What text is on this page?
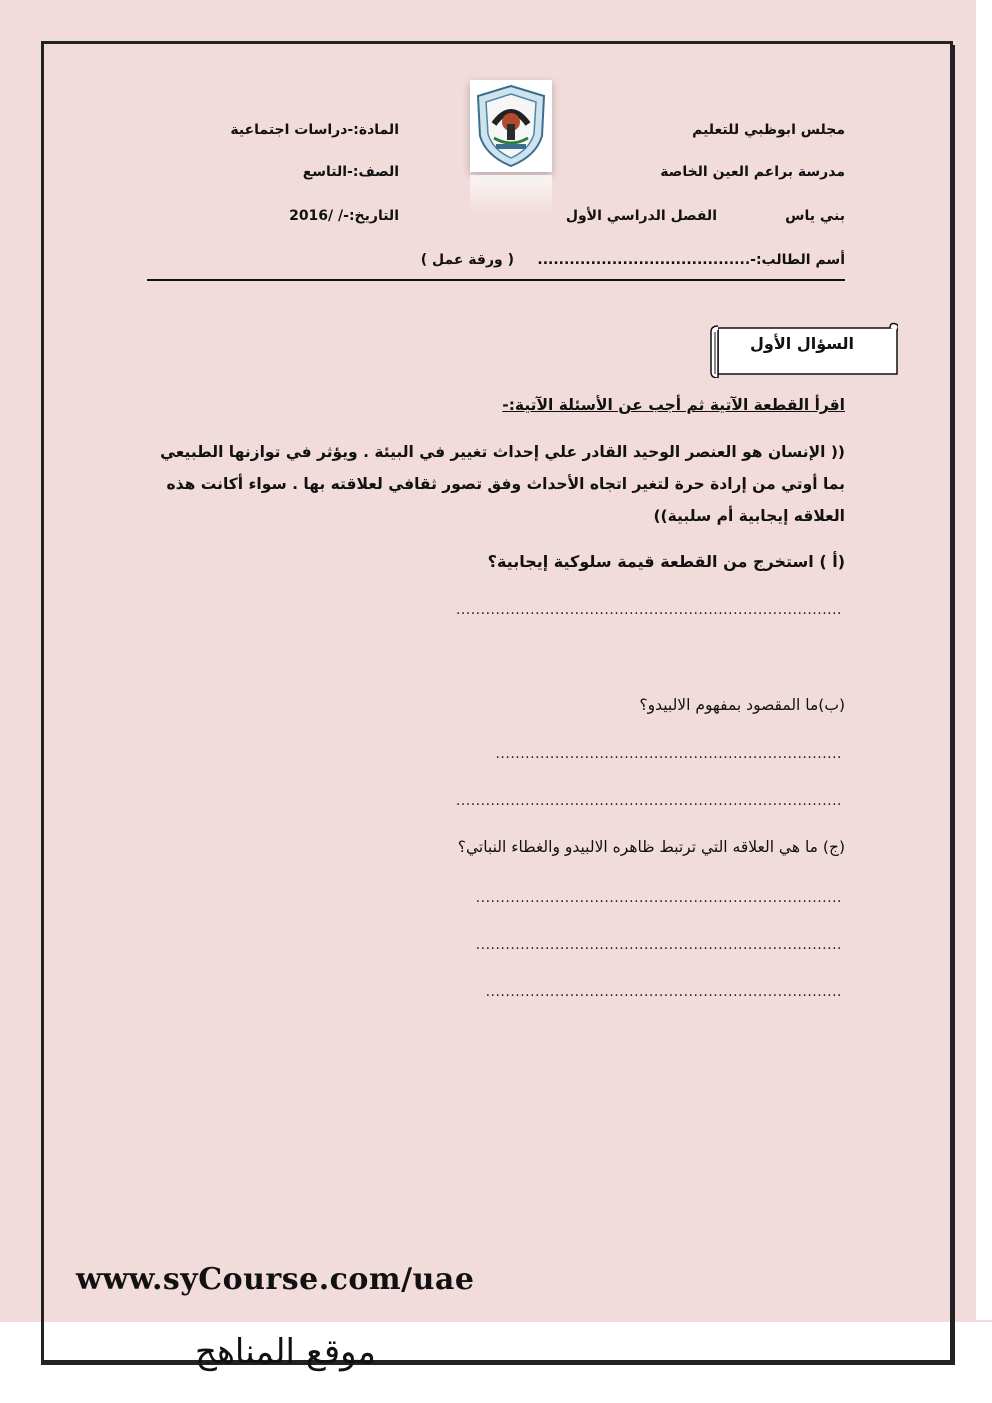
مجلس ابوظبي للتعليم
مدرسة براعم العين الخاصة
بني ياس
الفصل الدراسي الأول
أسم الطالب:-........................................
( ورقة عمل )
المادة:-دراسات اجتماعية
الصف:-التاسع
التاريخ:-/ /2016
السؤال الأول
اقرأ القطعة الآتية ثم أجب عن الأسئلة الآتية:-
(( الإنسان هو العنصر الوحيد القادر علي إحداث تغيير في البيئة . ويؤثر في توازنها الطبيعي
بما أوتي من إرادة حرة لتغير اتجاه الأحداث وفق تصور ثقافي لعلاقته بها . سواء أكانت هذه
العلاقه إيجابية أم سلبية))
(أ ) استخرج من القطعة قيمة سلوكية إيجابية؟
..............................................................................
(ب)ما المقصود بمفهوم الالبيدو؟
......................................................................
..............................................................................
(ج) ما هي العلاقه التي ترتبط ظاهره الالبيدو والغطاء النباتي؟
..........................................................................
..........................................................................
........................................................................
www.syCourse.com/uae
موقع المناهج
